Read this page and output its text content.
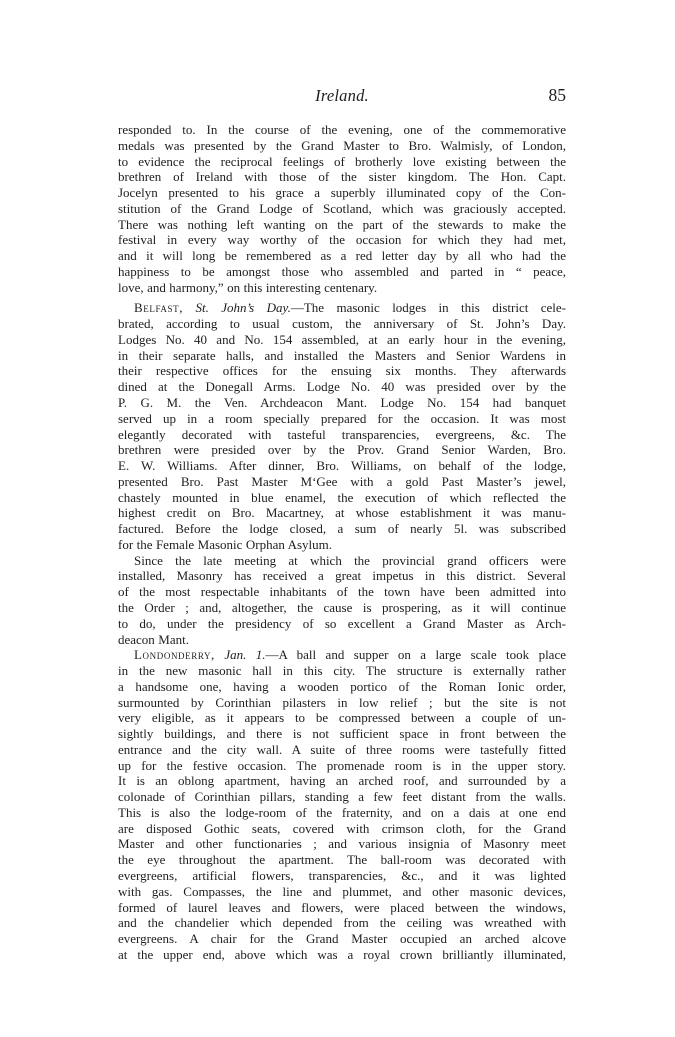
Ireland.	85
responded to. In the course of the evening, one of the commemorative
medals was presented by the Grand Master to Bro. Walmisly, of London,
to evidence the reciprocal feelings of brotherly love existing between the
brethren of Ireland with those of the sister kingdom. The Hon. Capt.
Jocelyn presented to his grace a superbly illuminated copy of the Con-
stitution of the Grand Lodge of Scotland, which was graciously accepted.
There was nothing left wanting on the part of the stewards to make the
festival in every way worthy of the occasion for which they had met,
and it will long be remembered as a red letter day by all who had the
happiness to be amongst those who assembled and parted in “ peace,
love, and harmony,” on this interesting centenary.
Belfast, St. John’s Day.—The masonic lodges in this district cele-
brated, according to usual custom, the anniversary of St. John’s Day.
Lodges No. 40 and No. 154 assembled, at an early hour in the evening,
in their separate halls, and installed the Masters and Senior Wardens in
their respective offices for the ensuing six months. They afterwards
dined at the Donegall Arms. Lodge No. 40 was presided over by the
P. G. M. the Ven. Archdeacon Mant. Lodge No. 154 had banquet
served up in a room specially prepared for the occasion. It was most
elegantly decorated with tasteful transparencies, evergreens, &c. The
brethren were presided over by the Prov. Grand Senior Warden, Bro.
E. W. Williams. After dinner, Bro. Williams, on behalf of the lodge,
presented Bro. Past Master M‘Gee with a gold Past Master’s jewel,
chastely mounted in blue enamel, the execution of which reflected the
highest credit on Bro. Macartney, at whose establishment it was manu-
factured. Before the lodge closed, a sum of nearly 5l. was subscribed
for the Female Masonic Orphan Asylum.
Since the late meeting at which the provincial grand officers were
installed, Masonry has received a great impetus in this district. Several
of the most respectable inhabitants of the town have been admitted into
the Order ; and, altogether, the cause is prospering, as it will continue
to do, under the presidency of so excellent a Grand Master as Arch-
deacon Mant.
Londonderry, Jan. 1.—A ball and supper on a large scale took place
in the new masonic hall in this city. The structure is externally rather
a handsome one, having a wooden portico of the Roman Ionic order,
surmounted by Corinthian pilasters in low relief ; but the site is not
very eligible, as it appears to be compressed between a couple of un-
sightly buildings, and there is not sufficient space in front between the
entrance and the city wall. A suite of three rooms were tastefully fitted
up for the festive occasion. The promenade room is in the upper story.
It is an oblong apartment, having an arched roof, and surrounded by a
colonade of Corinthian pillars, standing a few feet distant from the walls.
This is also the lodge-room of the fraternity, and on a dais at one end
are disposed Gothic seats, covered with crimson cloth, for the Grand
Master and other functionaries ; and various insignia of Masonry meet
the eye throughout the apartment. The ball-room was decorated with
evergreens, artificial flowers, transparencies, &c., and it was lighted
with gas. Compasses, the line and plummet, and other masonic devices,
formed of laurel leaves and flowers, were placed between the windows,
and the chandelier which depended from the ceiling was wreathed with
evergreens. A chair for the Grand Master occupied an arched alcove
at the upper end, above which was a royal crown brilliantly illuminated,
